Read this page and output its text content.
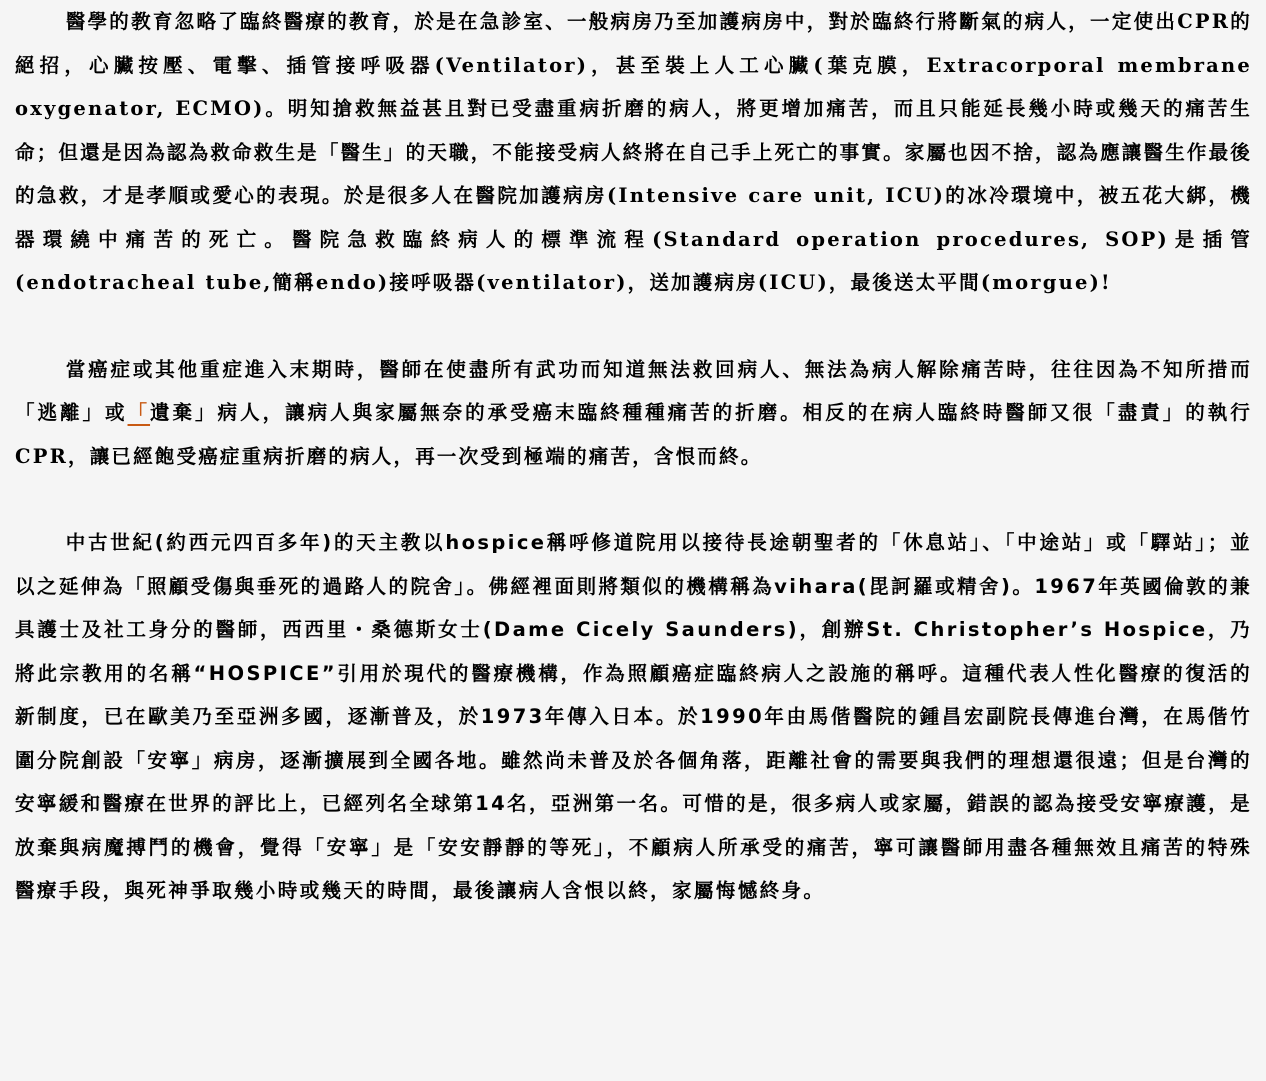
醫學的教育忽略了臨終醫療的教育，於是在急診室、一般病房乃至加護病房中，對於臨終行將斷氣的病人，一定使出CPR的絕招，心臟按壓、電擊、插管接呼吸器(Ventilator)，甚至裝上人工心臟(葉克膜，Extracorporal membrane oxygenator, ECMO)。明知搶救無益甚且對已受盡重病折磨的病人，將更增加痛苦，而且只能延長幾小時或幾天的痛苦生命；但還是因為認為救命救生是「醫生」的天職，不能接受病人終將在自己手上死亡的事實。家屬也因不捨，認為應讓醫生作最後的急救，才是孝順或愛心的表現。於是很多人在醫院加護病房(Intensive care unit, ICU)的冰冷環境中，被五花大綁，機器環繞中痛苦的死亡。醫院急救臨終病人的標準流程(Standard operation procedures, SOP)是插管(endotracheal tube,簡稱endo)接呼吸器(ventilator)，送加護病房(ICU)，最後送太平間(morgue)!

當癌症或其他重症進入末期時，醫師在使盡所有武功而知道無法救回病人、無法為病人解除痛苦時，往往因為不知所措而「逃離」或「遺棄」病人，讓病人與家屬無奈的承受癌末臨終種種痛苦的折磨。相反的在病人臨終時醫師又很「盡責」的執行CPR，讓已經飽受癌症重病折磨的病人，再一次受到極端的痛苦，含恨而終。

中古世紀(約西元四百多年)的天主教以hospice稱呼修道院用以接待長途朝聖者的「休息站」、「中途站」或「驛站」；並以之延伸為「照顧受傷與垂死的過路人的院舍」。佛經裡面則將類似的機構稱為vihara(毘訶羅或精舍)。1967年英國倫敦的兼具護士及社工身分的醫師，西西里・桑德斯女士(Dame Cicely Saunders)，創辦St. Christopher’s Hospice，乃將此宗教用的名稱“HOSPICE”引用於現代的醫療機構，作為照顧癌症臨終病人之設施的稱呼。這種代表人性化醫療的復活的新制度，已在歐美乃至亞洲多國，逐漸普及，於1973年傳入日本。於1990年由馬偕醫院的鍾昌宏副院長傳進台灣，在馬偕竹圍分院創設「安寧」病房，逐漸擴展到全國各地。雖然尚未普及於各個角落，距離社會的需要與我們的理想還很遠；但是台灣的安寧緩和醫療在世界的評比上，已經列名全球第14名，亞洲第一名。可惜的是，很多病人或家屬，錯誤的認為接受安寧療護，是放棄與病魔搏鬥的機會，覺得「安寧」是「安安靜靜的等死」，不顧病人所承受的痛苦，寧可讓醫師用盡各種無效且痛苦的特殊醫療手段，與死神爭取幾小時或幾天的時間，最後讓病人含恨以終，家屬悔憾終身。
